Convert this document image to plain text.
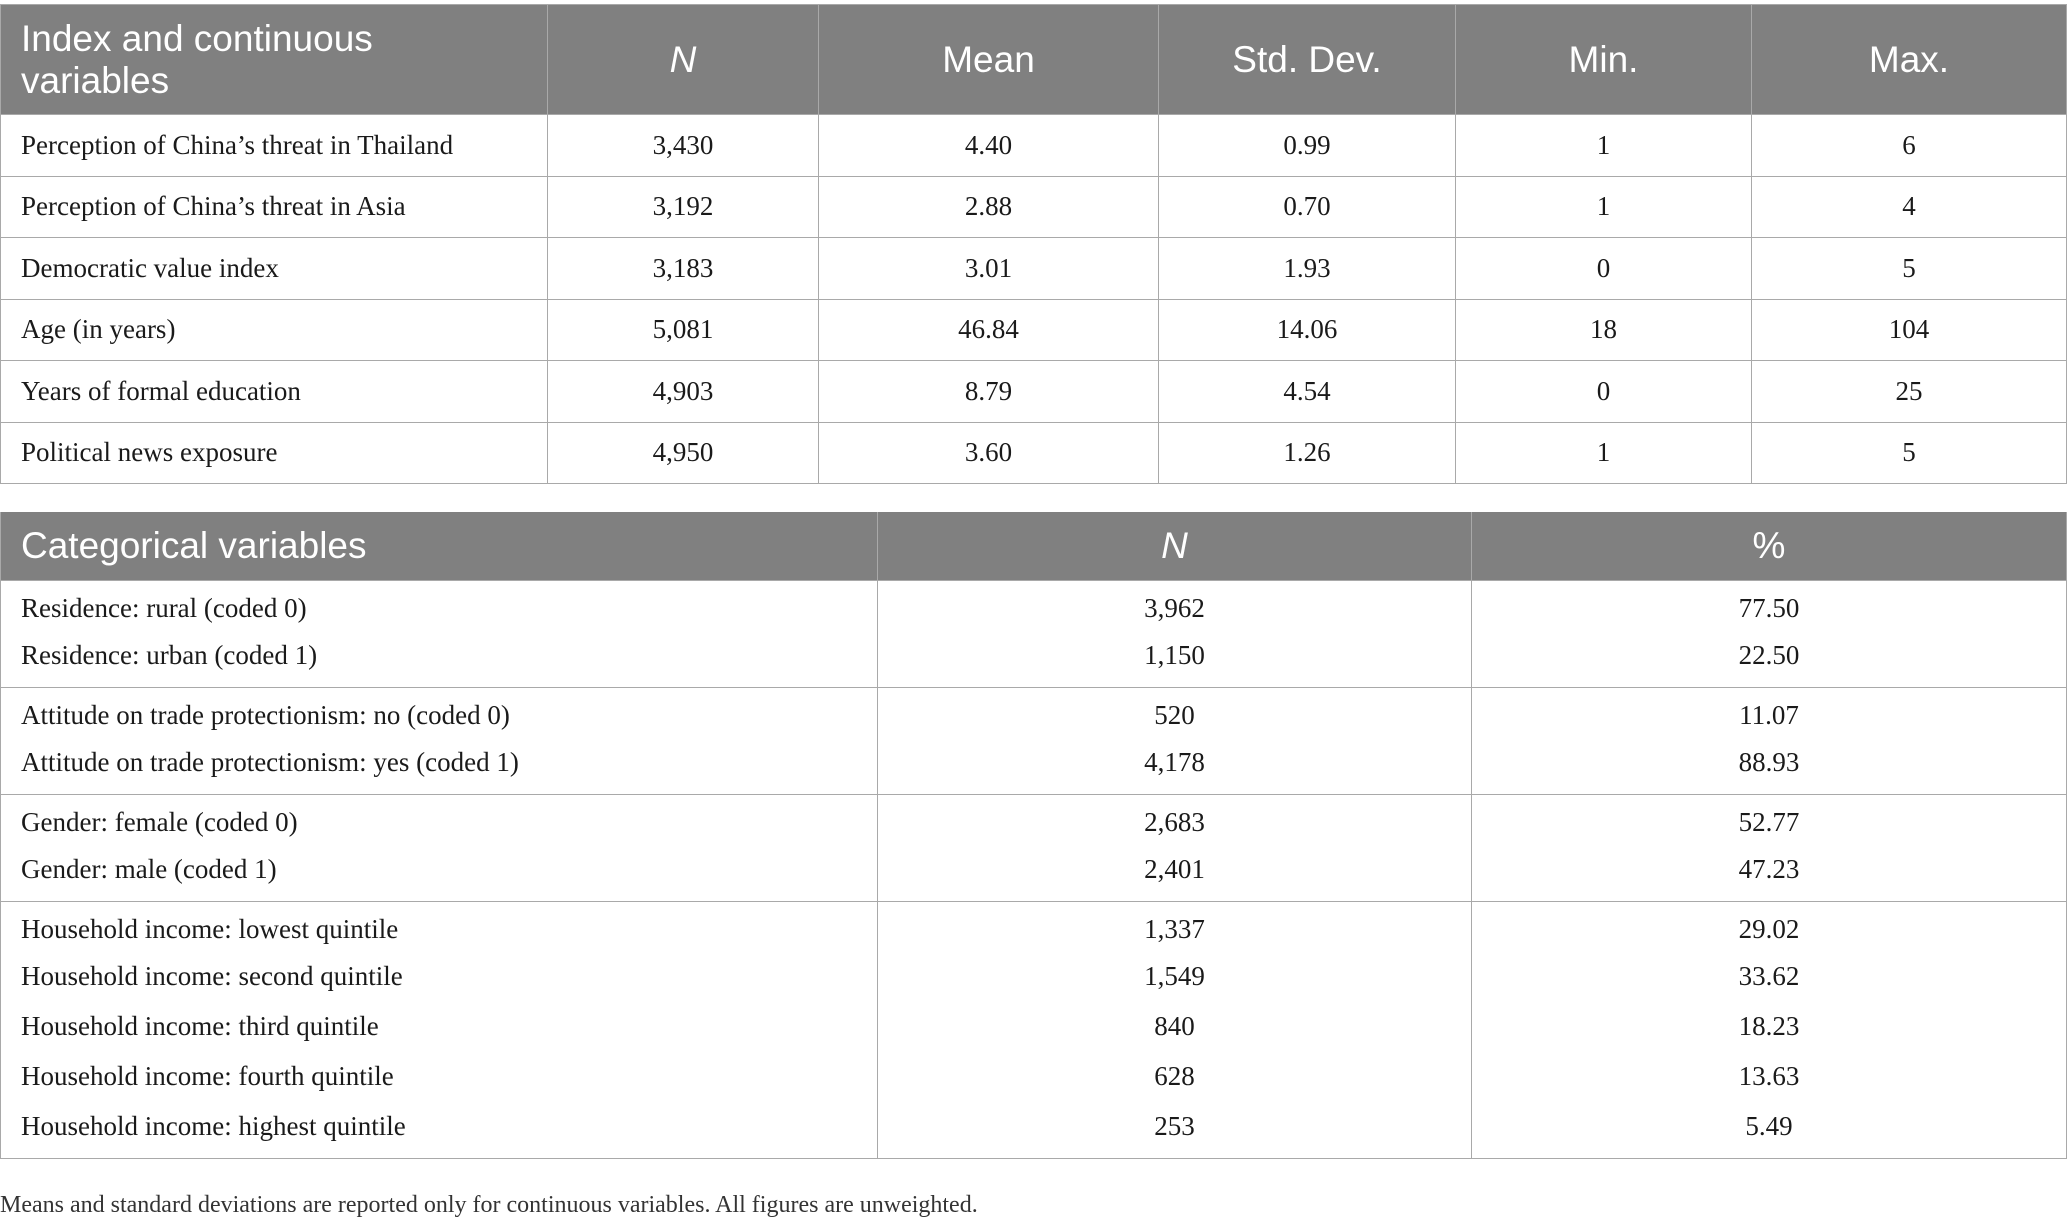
Index and continuous variables	N	Mean	Std. Dev.	Min.	Max.
Perception of China’s threat in Thailand	3,430	4.40	0.99	1	6
Perception of China’s threat in Asia	3,192	2.88	0.70	1	4
Democratic value index	3,183	3.01	1.93	0	5
Age (in years)	5,081	46.84	14.06	18	104
Years of formal education	4,903	8.79	4.54	0	25
Political news exposure	4,950	3.60	1.26	1	5
Categorical variables	N	%
Residence: rural (coded 0)	3,962	77.50
Residence: urban (coded 1)	1,150	22.50
Attitude on trade protectionism: no (coded 0)	520	11.07
Attitude on trade protectionism: yes (coded 1)	4,178	88.93
Gender: female (coded 0)	2,683	52.77
Gender: male (coded 1)	2,401	47.23
Household income: lowest quintile	1,337	29.02
Household income: second quintile	1,549	33.62
Household income: third quintile	840	18.23
Household income: fourth quintile	628	13.63
Household income: highest quintile	253	5.49
Means and standard deviations are reported only for continuous variables. All figures are unweighted.
